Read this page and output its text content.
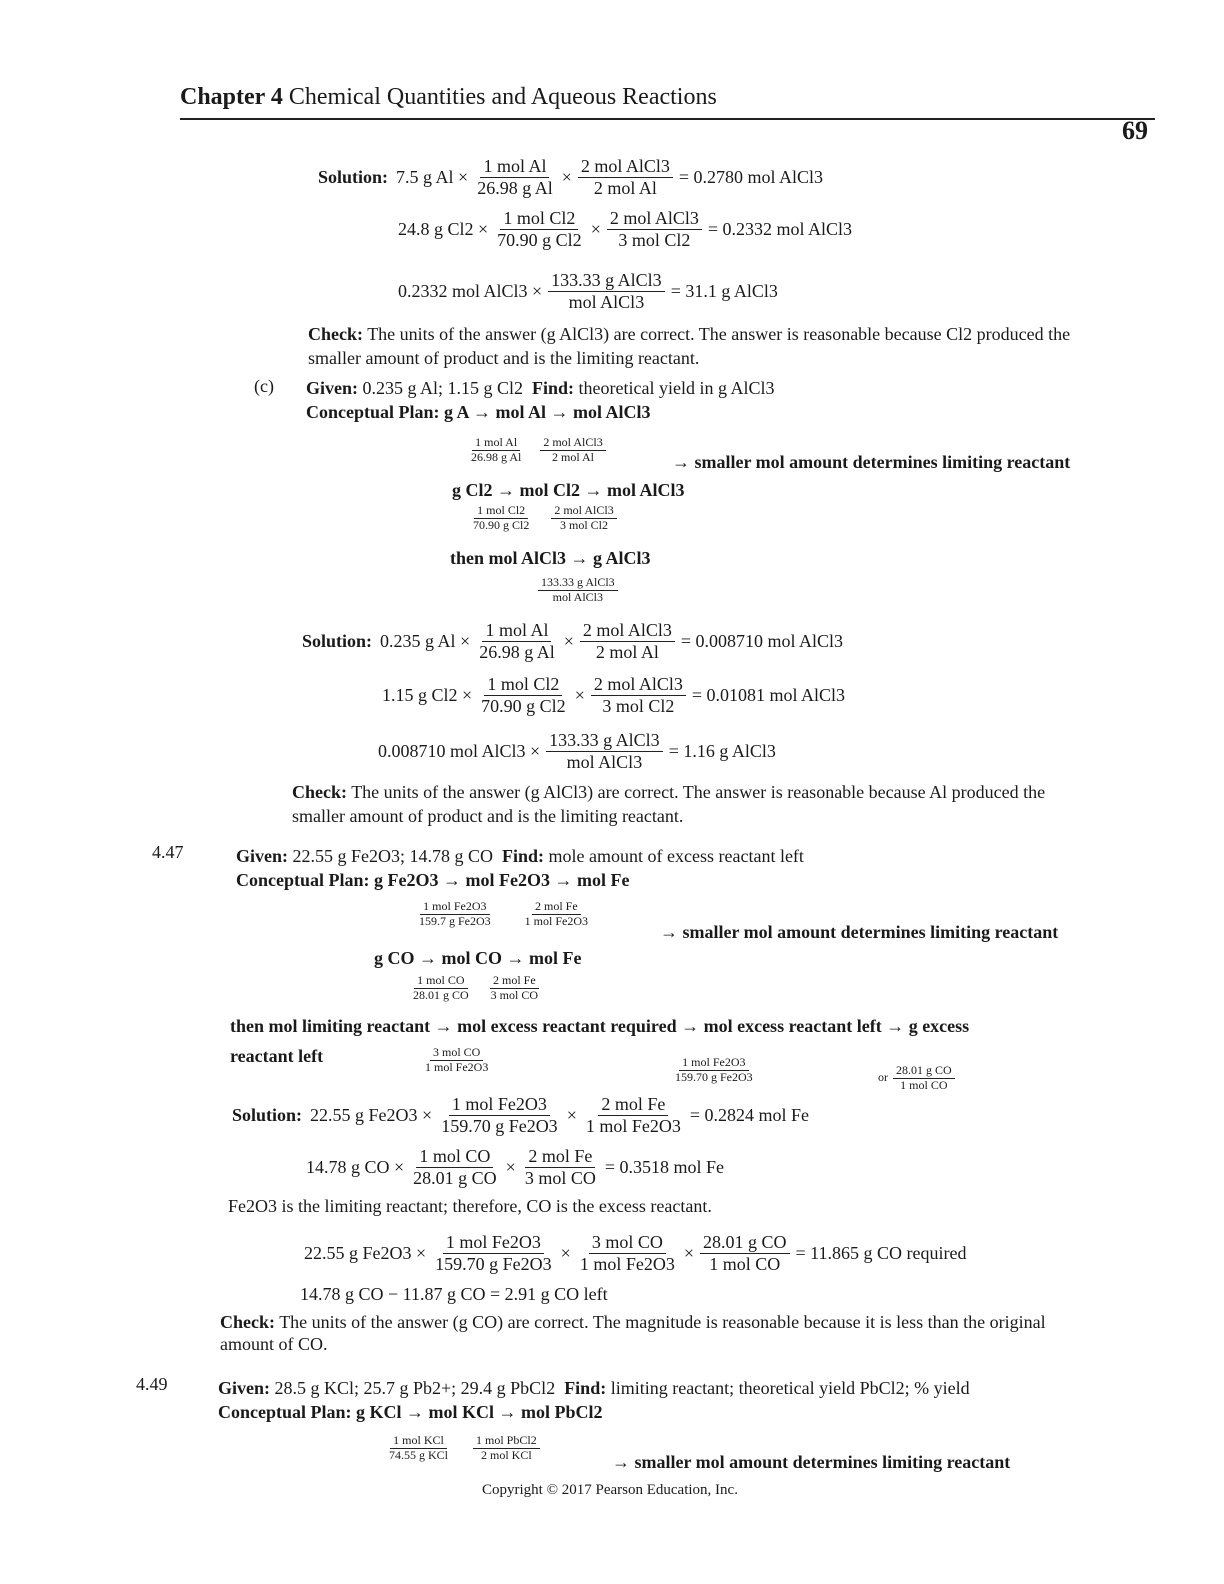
Chapter 4 Chemical Quantities and Aqueous Reactions
69
Solution: 7.5 g $Al \times \frac{\text{1 mol Al}}{\text{26.98 g Al}} \times \frac{\text{2 mol AlCl3}}{\text{2 mol Al}} = 0.2780$ mol AlCl3
24.8 g $Cl2 \times \frac{\text{1 mol Cl2}}{\text{70.90 g Cl2}} \times \frac{\text{2 mol AlCl3}}{\text{3 mol Cl2}} = 0.2332$ mol AlCl3
0.2332 mol AlCl3 × $\frac{\text{133.33 g AlCl3}}{\text{mol AlCl3}} = 31.1$ g AlCl3
Check: The units of the answer (g AlCl3) are correct. The answer is reasonable because Cl2 produced the
smaller amount of product and is the limiting reactant.
(c) Given: 0.235 g Al; 1.15 g Cl2 Find: theoretical yield in g AlCl3
Conceptual Plan: g A → mol Al → mol AlCl3
$\frac{\text{1 mol Al}}{\text{26.98 g Al}}$
$\frac{\text{2 mol AlCl3}}{\text{2 mol Al}}$	→ smaller mol amount determines limiting reactant
g Cl2 → mol Cl2 → mol AlCl3
$\frac{\text{1 mol Cl2}}{\text{70.90 g Cl2}}$
$\frac{\text{2 mol AlCl3}}{\text{3 mol Cl2}}$
then mol AlCl3 → g AlCl3
$\frac{\text{133.33 g AlCl3}}{\text{mol AlCl3}}$
Solution: 0.235 g $Al \times \frac{\text{1 mol Al}}{\text{26.98 g Al}} \times \frac{\text{2 mol AlCl3}}{\text{2 mol Al}} = 0.008710$ mol AlCl3
1.15 g $Cl2 \times \frac{\text{1 mol Cl2}}{\text{70.90 g Cl2}} \times \frac{\text{2 mol AlCl3}}{\text{3 mol Cl2}} = 0.01081$ mol AlCl3
0.008710 mol AlCl3 × $\frac{\text{133.33 g AlCl3}}{\text{mol AlCl3}} = 1.16$ g AlCl3
Check: The units of the answer (g AlCl3) are correct. The answer is reasonable because Al produced the
smaller amount of product and is the limiting reactant.
4.47	Given: 22.55 g Fe2O3; 14.78 g CO Find: mole amount of excess reactant left
Conceptual Plan: g Fe2O3 → mol Fe2O3 → mol Fe
$\frac{\text{1 mol Fe2O3}}{\text{159.7 g Fe2O3}}$
$\frac{\text{2 mol Fe}}{\text{1 mol Fe2O3}}$
→ smaller mol amount determines limiting reactant
g CO → mol CO → mol Fe
$\frac{\text{1 mol CO}}{\text{28.01 g CO}}$
$\frac{\text{2 mol Fe}}{\text{3 mol CO}}$
then mol limiting reactant → mol excess reactant required → mol excess reactant left → g excess
reactant left	$\frac{\text{3 mol CO}}{\text{1 mol Fe2O3}}$	$\frac{\text{1 mol Fe2O3}}{\text{159.70 g Fe2O3}}$	or $\frac{\text{28.01 g CO}}{\text{1 mol CO}}$
Solution: 22.55 g $Fe2O3 \times \frac{\text{1 mol Fe2O3}}{\text{159.70 g Fe2O3}} \times \frac{\text{2 mol Fe}}{\text{1 mol Fe2O3}} = 0.2824$ mol Fe
14.78 g CO × $\frac{\text{1 mol CO}}{\text{28.01 g CO}} \times \frac{\text{2 mol Fe}}{\text{3 mol CO}} = 0.3518$ mol Fe
Fe2O3 is the limiting reactant; therefore, CO is the excess reactant.
22.55 g $Fe2O3 \times \frac{\text{1 mol Fe2O3}}{\text{159.70 g Fe2O3}} \times \frac{\text{3 mol CO}}{\text{1 mol Fe2O3}} \times \frac{\text{28.01 g CO}}{\text{1 mol CO}} = 11.865$ g CO required
14.78 g CO − 11.87 g CO = 2.91 g CO left
Check: The units of the answer (g CO) are correct. The magnitude is reasonable because it is less than the original
amount of CO.
4.49	Given: 28.5 g KCl; 25.7 g Pb2+; 29.4 g PbCl2 Find: limiting reactant; theoretical yield PbCl2; % yield
Conceptual Plan: g KCl → mol KCl → mol PbCl2
$\frac{\text{1 mol KCl}}{\text{74.55 g KCl}}$
$\frac{\text{1 mol PbCl2}}{\text{2 mol KCl}}$	→ smaller mol amount determines limiting reactant
Copyright © 2017 Pearson Education, Inc.
